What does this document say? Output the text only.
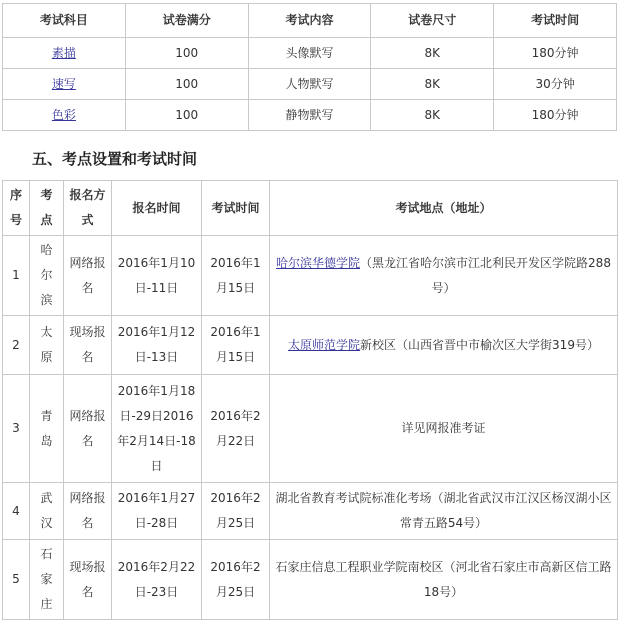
考试科目	试卷满分	考试内容	试卷尺寸	考试时间
素描	100	头像默写	8K	180分钟
速写	100	人物默写	8K	30分钟
色彩	100	静物默写	8K	180分钟
五、考点设置和考试时间
序号	考点	报名方式	报名时间	考试时间	考试地点（地址）
1	哈尔滨	网络报名	2016年1月10日-11日	2016年1月15日	哈尔滨华德学院（黑龙江省哈尔滨市江北利民开发区学院路288号）
2	太原	现场报名	2016年1月12日-13日	2016年1月15日	太原师范学院新校区（山西省晋中市榆次区大学街319号）
3	青岛	网络报名	2016年1月18日-29日2016年2月14日-18日	2016年2月22日	详见网报准考证
4	武汉	网络报名	2016年1月27日-28日	2016年2月25日	湖北省教育考试院标准化考场（湖北省武汉市江汉区杨汊湖小区常青五路54号）
5	石家庄	现场报名	2016年2月22日-23日	2016年2月25日	石家庄信息工程职业学院南校区（河北省石家庄市高新区信工路18号）
